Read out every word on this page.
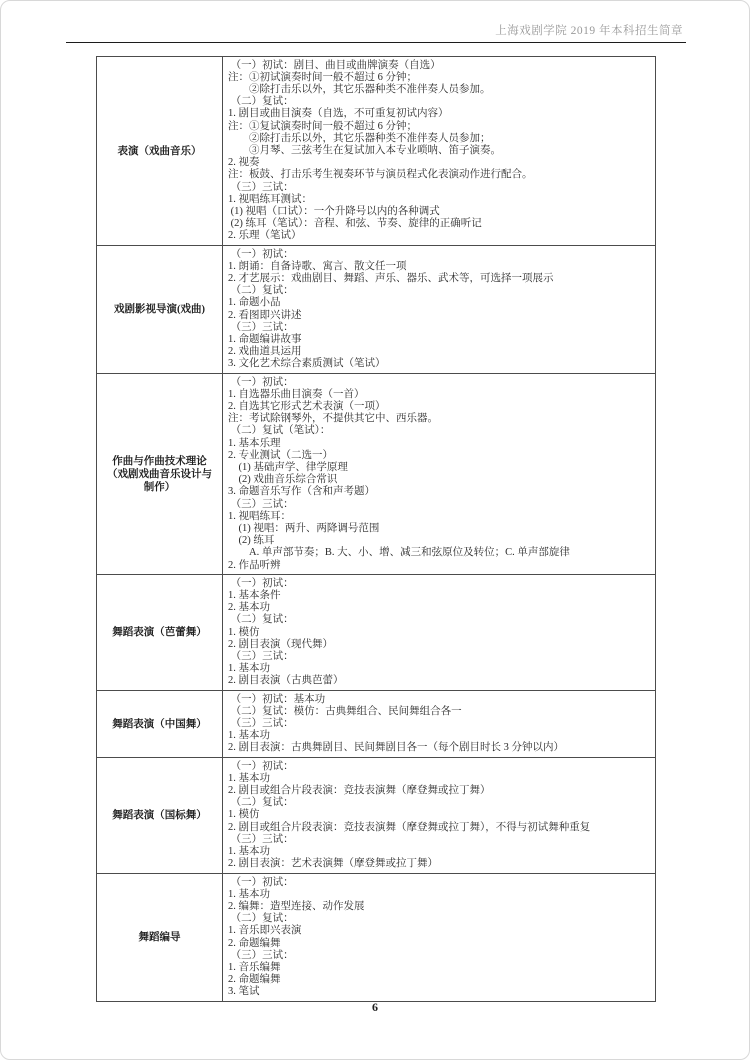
上海戏剧学院 2019 年本科招生简章
表演（戏曲音乐）	
（一）初试：剧目、曲目或曲牌演奏（自选）
注：①初试演奏时间一般不超过 6 分钟；
　　②除打击乐以外，其它乐器种类不准伴奏人员参加。
（二）复试：
1. 剧目或曲目演奏（自选，不可重复初试内容）
注：①复试演奏时间一般不超过 6 分钟；
　　②除打击乐以外，其它乐器种类不准伴奏人员参加；
　　③月琴、三弦考生在复试加入本专业唢呐、笛子演奏。
2. 视奏
注：板鼓、打击乐考生视奏环节与演员程式化表演动作进行配合。
（三）三试：
1. 视唱练耳测试：
(1) 视唱（口试）：一个升降号以内的各种调式
(2) 练耳（笔试）：音程、和弦、节奏、旋律的正确听记
2. 乐理（笔试）

戏剧影视导演(戏曲)	
（一）初试：
1. 朗诵：自备诗歌、寓言、散文任一项
2. 才艺展示：戏曲剧目、舞蹈、声乐、器乐、武术等，可选择一项展示
（二）复试：
1. 命题小品
2. 看图即兴讲述
（三）三试：
1. 命题编讲故事
2. 戏曲道具运用
3. 文化艺术综合素质测试（笔试）

作曲与作曲技术理论（戏剧戏曲音乐设计与制作）	
（一）初试：
1. 自选器乐曲目演奏（一首）
2. 自选其它形式艺术表演（一项）
注：考试除钢琴外，不提供其它中、西乐器。
（二）复试（笔试）：
1. 基本乐理
2. 专业测试（二选一）
　(1) 基础声学、律学原理
　(2) 戏曲音乐综合常识
3. 命题音乐写作（含和声考题）
（三）三试：
1. 视唱练耳：
　(1) 视唱：两升、两降调号范围
　(2) 练耳
　　A. 单声部节奏；B. 大、小、增、减三和弦原位及转位；C. 单声部旋律
2. 作品听辨

舞蹈表演（芭蕾舞）	
（一）初试：
1. 基本条件
2. 基本功
（二）复试：
1. 模仿
2. 剧目表演（现代舞）
（三）三试：
1. 基本功
2. 剧目表演（古典芭蕾）

舞蹈表演（中国舞）	（一）初试：基本功
（二）复试：模仿：古典舞组合、民间舞组合各一
（三）三试：
1. 基本功
2. 剧目表演：古典舞剧目、民间舞剧目各一（每个剧目时长 3 分钟以内）

舞蹈表演（国标舞）	
（一）初试：
1. 基本功
2. 剧目或组合片段表演：竞技表演舞（摩登舞或拉丁舞）
（二）复试：
1. 模仿
2. 剧目或组合片段表演：竞技表演舞（摩登舞或拉丁舞），不得与初试舞种重复
（三）三试：
1. 基本功
2. 剧目表演：艺术表演舞（摩登舞或拉丁舞）

舞蹈编导	
（一）初试：
1. 基本功
2. 编舞：造型连接、动作发展
（二）复试：
1. 音乐即兴表演
2. 命题编舞
（三）三试：
1. 音乐编舞
2. 命题编舞
3. 笔试
6
